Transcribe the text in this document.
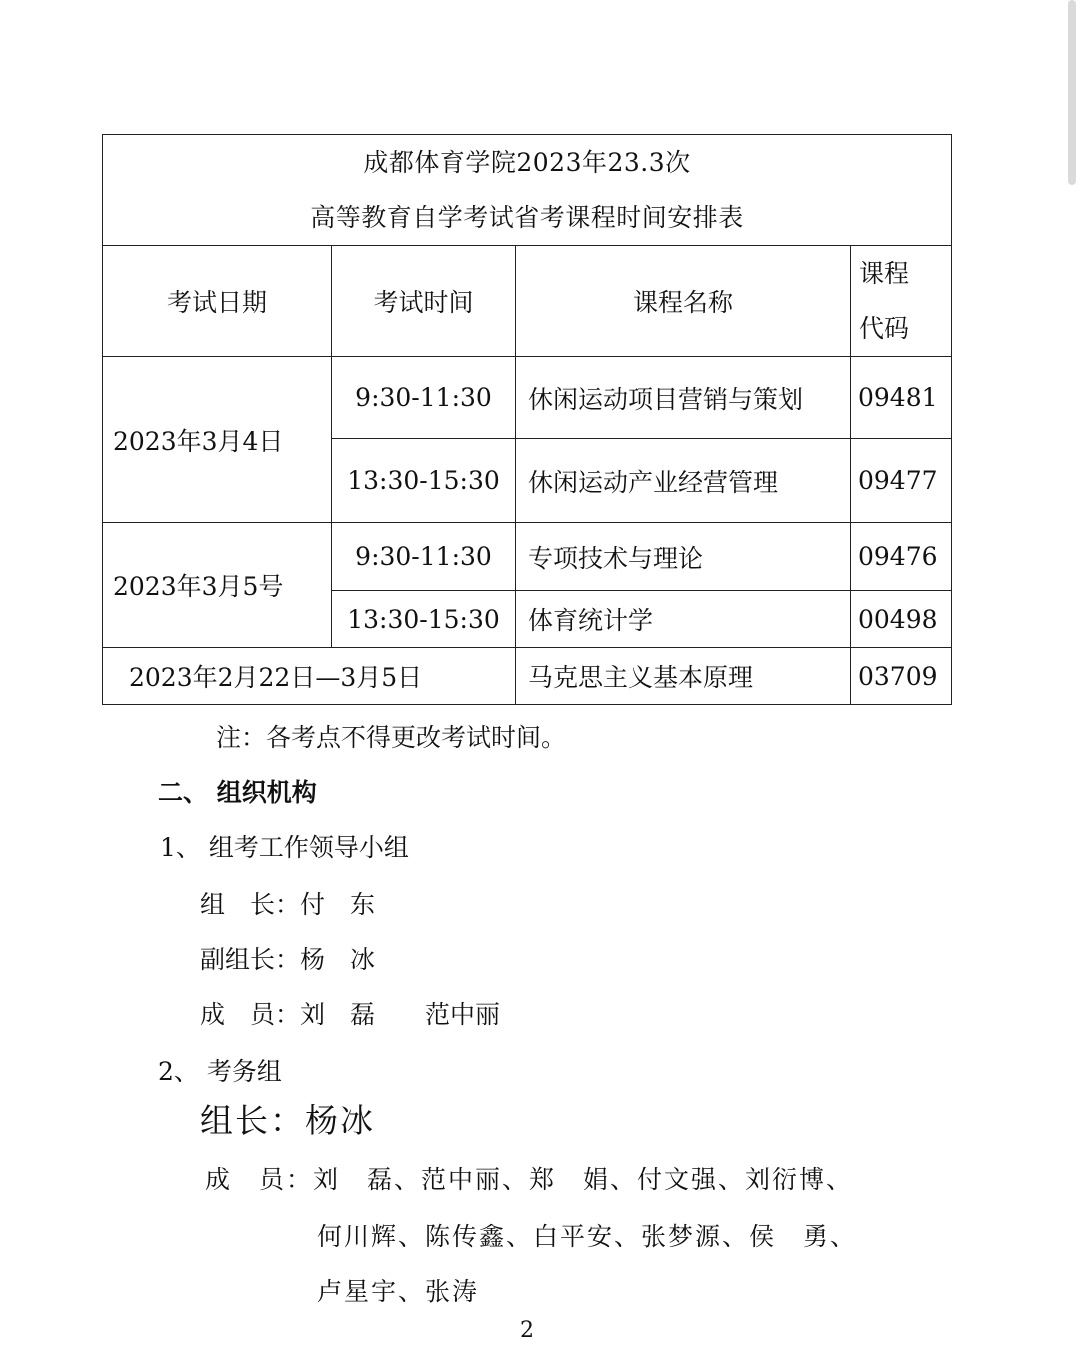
成都体育学院2023年23.3次
高等教育自学考试省考课程时间安排表			

考试日期	考试时间	课程名称	课程
代码

2023年3月4日	9:30-11:30	休闲运动项目营销与策划	09481
	13:30-15:30	休闲运动产业经营管理	09477
2023年3月5号	9:30-11:30	专项技术与理论	09476
	13:30-15:30	体育统计学	00498
2023年2月22日—3月5日		马克思主义基本原理	03709
注：各考点不得更改考试时间。
二、 组织机构
1、 组考工作领导小组
组　长：付　东
副组长：杨　冰
成　员：刘　磊　　范中丽
2、 考务组
组长：杨冰
成　员：刘　磊、范中丽、郑　娟、付文强、刘衍博、
何川辉、陈传鑫、白平安、张梦源、侯　勇、
卢星宇、张涛
2
